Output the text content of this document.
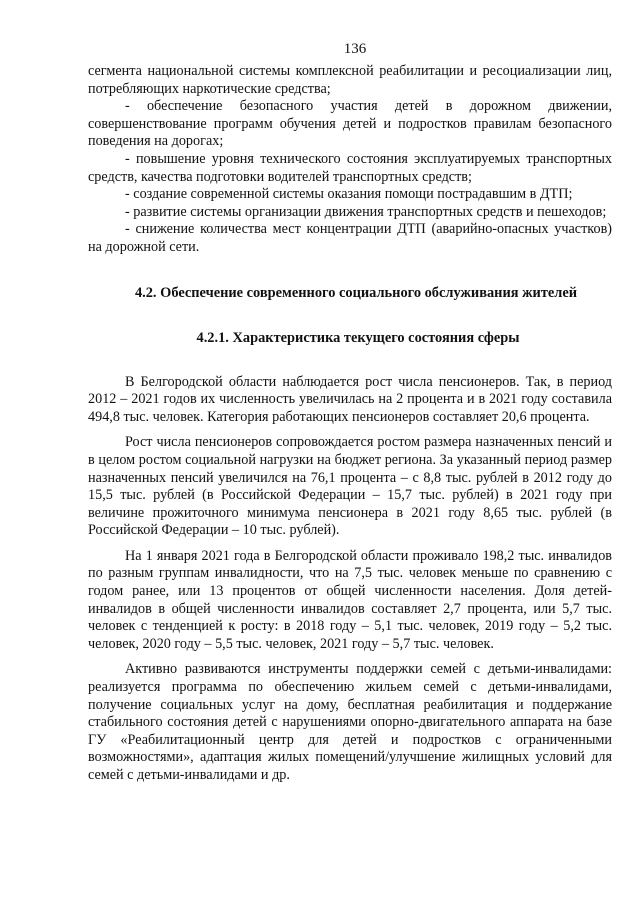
136

сегмента национальной системы комплексной реабилитации и ресоциализации лиц, потребляющих наркотические средства;

- обеспечение безопасного участия детей в дорожном движении, совершенствование программ обучения детей и подростков правилам безопасного поведения на дорогах;

- повышение уровня технического состояния эксплуатируемых транспортных средств, качества подготовки водителей транспортных средств;

- создание современной системы оказания помощи пострадавшим в ДТП;

- развитие системы организации движения транспортных средств и пешеходов;

- снижение количества мест концентрации ДТП (аварийно-опасных участков) на дорожной сети.

4.2. Обеспечение современного социального обслуживания жителей
4.2.1. Характеристика текущего состояния сферы

В Белгородской области наблюдается рост числа пенсионеров. Так, в период 2012 – 2021 годов их численность увеличилась на 2 процента и в 2021 году составила 494,8 тыс. человек. Категория работающих пенсионеров составляет 20,6 процента.

Рост числа пенсионеров сопровождается ростом размера назначенных пенсий и в целом ростом социальной нагрузки на бюджет региона. За указанный период размер назначенных пенсий увеличился на 76,1 процента – с 8,8 тыс. рублей в 2012 году до 15,5 тыс. рублей (в Российской Федерации – 15,7 тыс. рублей) в 2021 году при величине прожиточного минимума пенсионера в 2021 году 8,65 тыс. рублей (в Российской Федерации – 10 тыс. рублей).

На 1 января 2021 года в Белгородской области проживало 198,2 тыс. инвалидов по разным группам инвалидности, что на 7,5 тыс. человек меньше по сравнению с годом ранее, или 13 процентов от общей численности населения. Доля детей-инвалидов в общей численности инвалидов составляет 2,7 процента, или 5,7 тыс. человек с тенденцией к росту: в 2018 году – 5,1 тыс. человек, 2019 году – 5,2 тыс. человек, 2020 году – 5,5 тыс. человек, 2021 году – 5,7 тыс. человек.

Активно развиваются инструменты поддержки семей с детьми-инвалидами: реализуется программа по обеспечению жильем семей с детьми-инвалидами, получение социальных услуг на дому, бесплатная реабилитация и поддержание стабильного состояния детей с нарушениями опорно-двигательного аппарата на базе ГУ «Реабилитационный центр для детей и подростков с ограниченными возможностями», адаптация жилых помещений/улучшение жилищных условий для семей с детьми-инвалидами и др.
